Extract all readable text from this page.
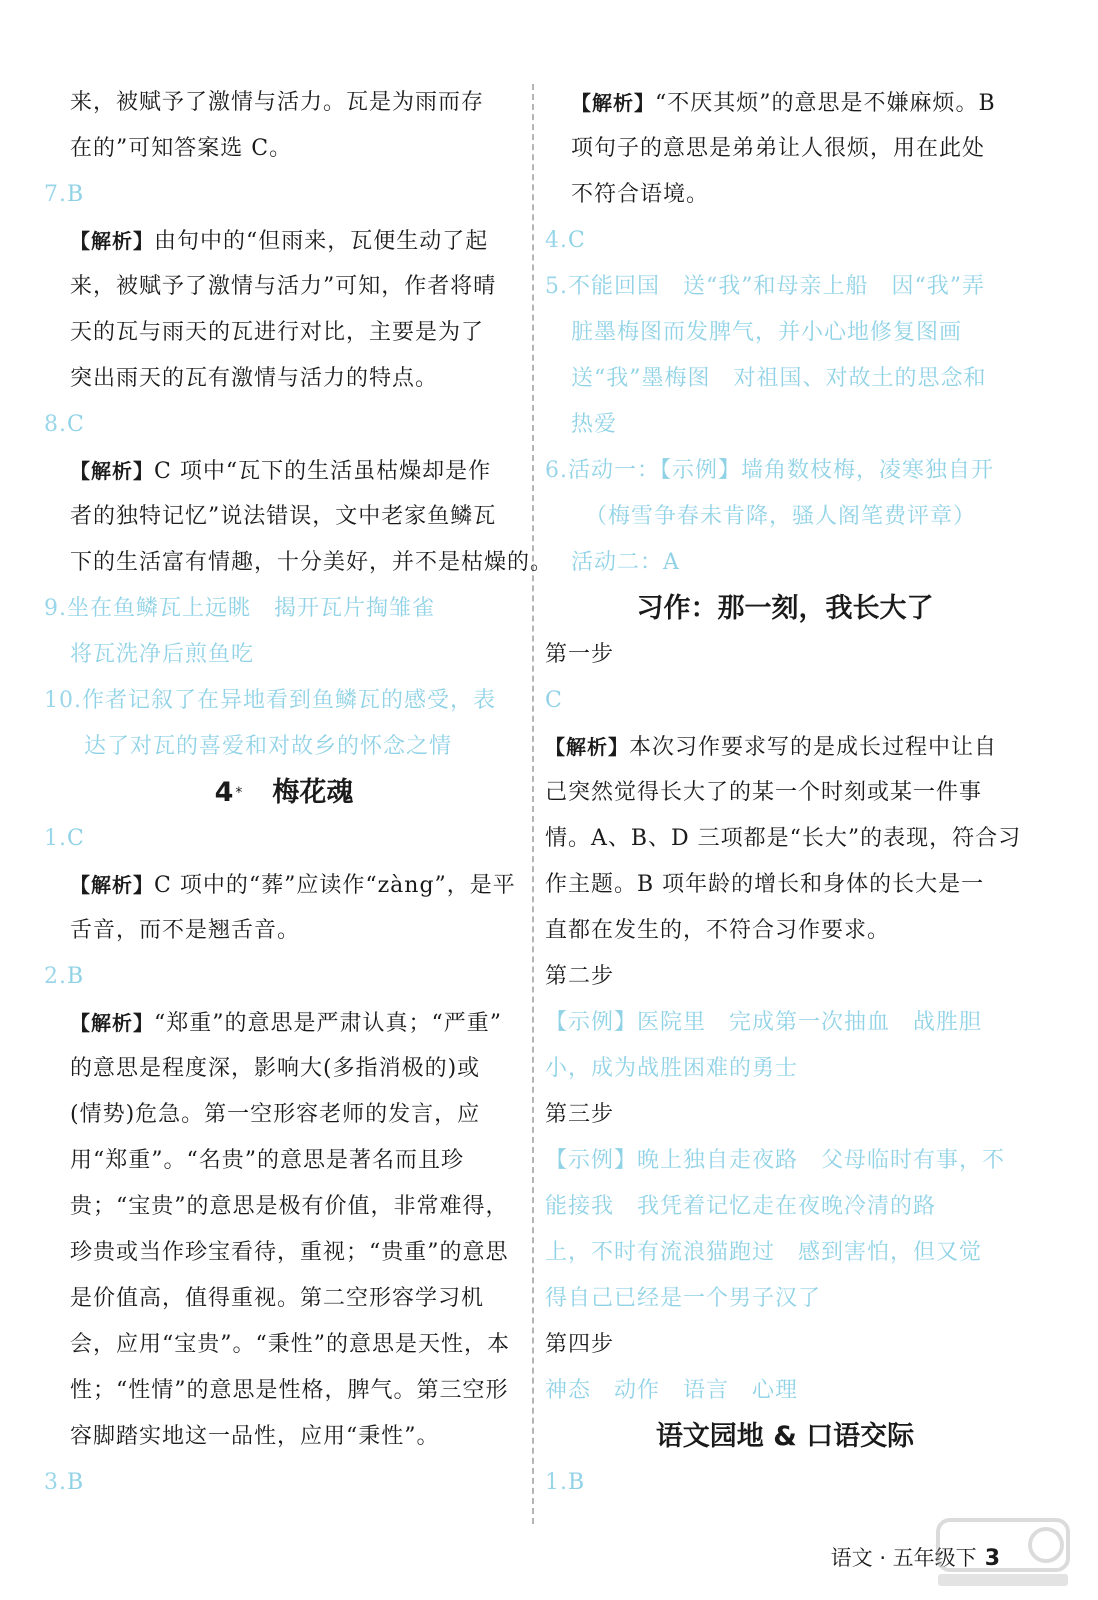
来，被赋予了激情与活力。瓦是为雨而存
在的”可知答案选 C。
7.B
【解析】由句中的“但雨来，瓦便生动了起
来，被赋予了激情与活力”可知，作者将晴
天的瓦与雨天的瓦进行对比，主要是为了
突出雨天的瓦有激情与活力的特点。
8.C
【解析】C 项中“瓦下的生活虽枯燥却是作
者的独特记忆”说法错误，文中老家鱼鳞瓦
下的生活富有情趣，十分美好，并不是枯燥的。
9.坐在鱼鳞瓦上远眺　揭开瓦片掏雏雀
将瓦洗净后煎鱼吃
10.作者记叙了在异地看到鱼鳞瓦的感受，表
达了对瓦的喜爱和对故乡的怀念之情
4 * 梅花魂
1.C
【解析】C 项中的“葬”应读作“zàng”，是平
舌音，而不是翘舌音。
2.B
【解析】“郑重”的意思是严肃认真；“严重”
的意思是程度深，影响大(多指消极的)或
(情势)危急。第一空形容老师的发言，应
用“郑重”。“名贵”的意思是著名而且珍
贵；“宝贵”的意思是极有价值，非常难得，
珍贵或当作珍宝看待，重视；“贵重”的意思
是价值高，值得重视。第二空形容学习机
会，应用“宝贵”。“秉性”的意思是天性，本
性；“性情”的意思是性格，脾气。第三空形
容脚踏实地这一品性，应用“秉性”。
3.B
【解析】“不厌其烦”的意思是不嫌麻烦。B
项句子的意思是弟弟让人很烦，用在此处
不符合语境。
4.C
5.不能回国　送“我”和母亲上船　因“我”弄
脏墨梅图而发脾气，并小心地修复图画
送“我”墨梅图　对祖国、对故土的思念和
热爱
6.活动一：【示例】墙角数枝梅，凌寒独自开
（梅雪争春未肯降，骚人阁笔费评章）
活动二：A
习作：那一刻，我长大了
第一步
C
【解析】本次习作要求写的是成长过程中让自
己突然觉得长大了的某一个时刻或某一件事
情。A、B、D 三项都是“长大”的表现，符合习
作主题。B 项年龄的增长和身体的长大是一
直都在发生的，不符合习作要求。
第二步
【示例】医院里　完成第一次抽血　战胜胆
小，成为战胜困难的勇士
第三步
【示例】晚上独自走夜路　父母临时有事，不
能接我　我凭着记忆走在夜晚冷清的路
上，不时有流浪猫跑过　感到害怕，但又觉
得自己已经是一个男子汉了
第四步
神态　动作　语言　心理
语文园地 & 口语交际
1.B
语文 · 五年级下 3
